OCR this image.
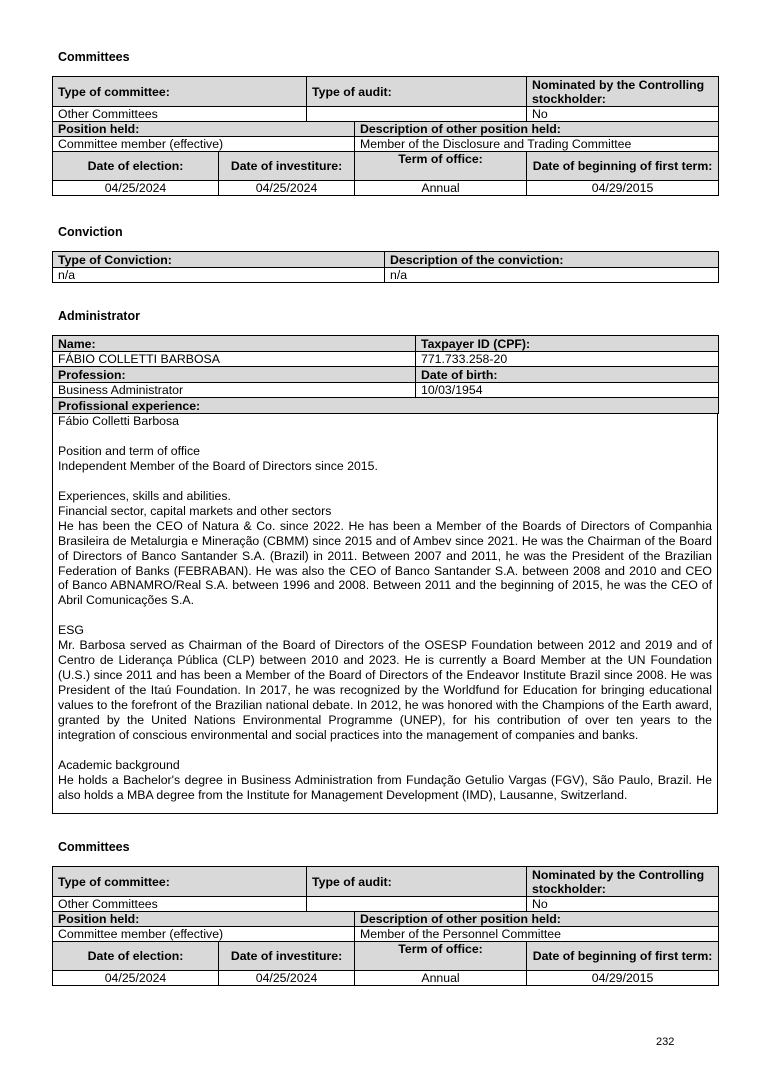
Committees
Type of committee:		Type of audit:		Nominated by the Controlling stockholder:
Other Committees				No
Position held:			Description of other position held:	
Committee member (effective)			Member of the Disclosure and Trading Committee	
Date of election:	Date of investiture:		Term of office:	Date of beginning of first term:
04/25/2024	04/25/2024		Annual	04/29/2015
Conviction
Type of Conviction:	Description of the conviction:
n/a	n/a
Administrator
Name:	Taxpayer ID (CPF):
FÁBIO COLLETTI BARBOSA	771.733.258-20
Profession:	Date of birth:
Business Administrator	10/03/1954
Profissional experience:	

Fábio Colletti Barbosa

Position and term of office

Independent Member of the Board of Directors since 2015.

Experiences, skills and abilities.

Financial sector, capital markets and other sectors

He has been the CEO of Natura & Co. since 2022. He has been a Member of the Boards of Directors of Companhia Brasileira de Metalurgia e Mineração (CBMM) since 2015 and of Ambev since 2021. He was the Chairman of the Board of Directors of Banco Santander S.A. (Brazil) in 2011. Between 2007 and 2011, he was the President of the Brazilian Federation of Banks (FEBRABAN). He was also the CEO of Banco Santander S.A. between 2008 and 2010 and CEO of Banco ABNAMRO/Real S.A. between 1996 and 2008. Between 2011 and the beginning of 2015, he was the CEO of Abril Comunicações S.A.

ESG

Mr. Barbosa served as Chairman of the Board of Directors of the OSESP Foundation between 2012 and 2019 and of Centro de Liderança Pública (CLP) between 2010 and 2023. He is currently a Board Member at the UN Foundation (U.S.) since 2011 and has been a Member of the Board of Directors of the Endeavor Institute Brazil since 2008. He was President of the Itaú Foundation. In 2017, he was recognized by the Worldfund for Education for bringing educational values to the forefront of the Brazilian national debate. In 2012, he was honored with the Champions of the Earth award, granted by the United Nations Environmental Programme (UNEP), for his contribution of over ten years to the integration of conscious environmental and social practices into the management of companies and banks.

Academic background

He holds a Bachelor's degree in Business Administration from Fundação Getulio Vargas (FGV), São Paulo, Brazil. He also holds a MBA degree from the Institute for Management Development (IMD), Lausanne, Switzerland.

Committees
Type of committee:		Type of audit:		Nominated by the Controlling stockholder:
Other Committees				No
Position held:			Description of other position held:	
Committee member (effective)			Member of the Personnel Committee	
Date of election:	Date of investiture:		Term of office:	Date of beginning of first term:
04/25/2024	04/25/2024		Annual	04/29/2015
232
